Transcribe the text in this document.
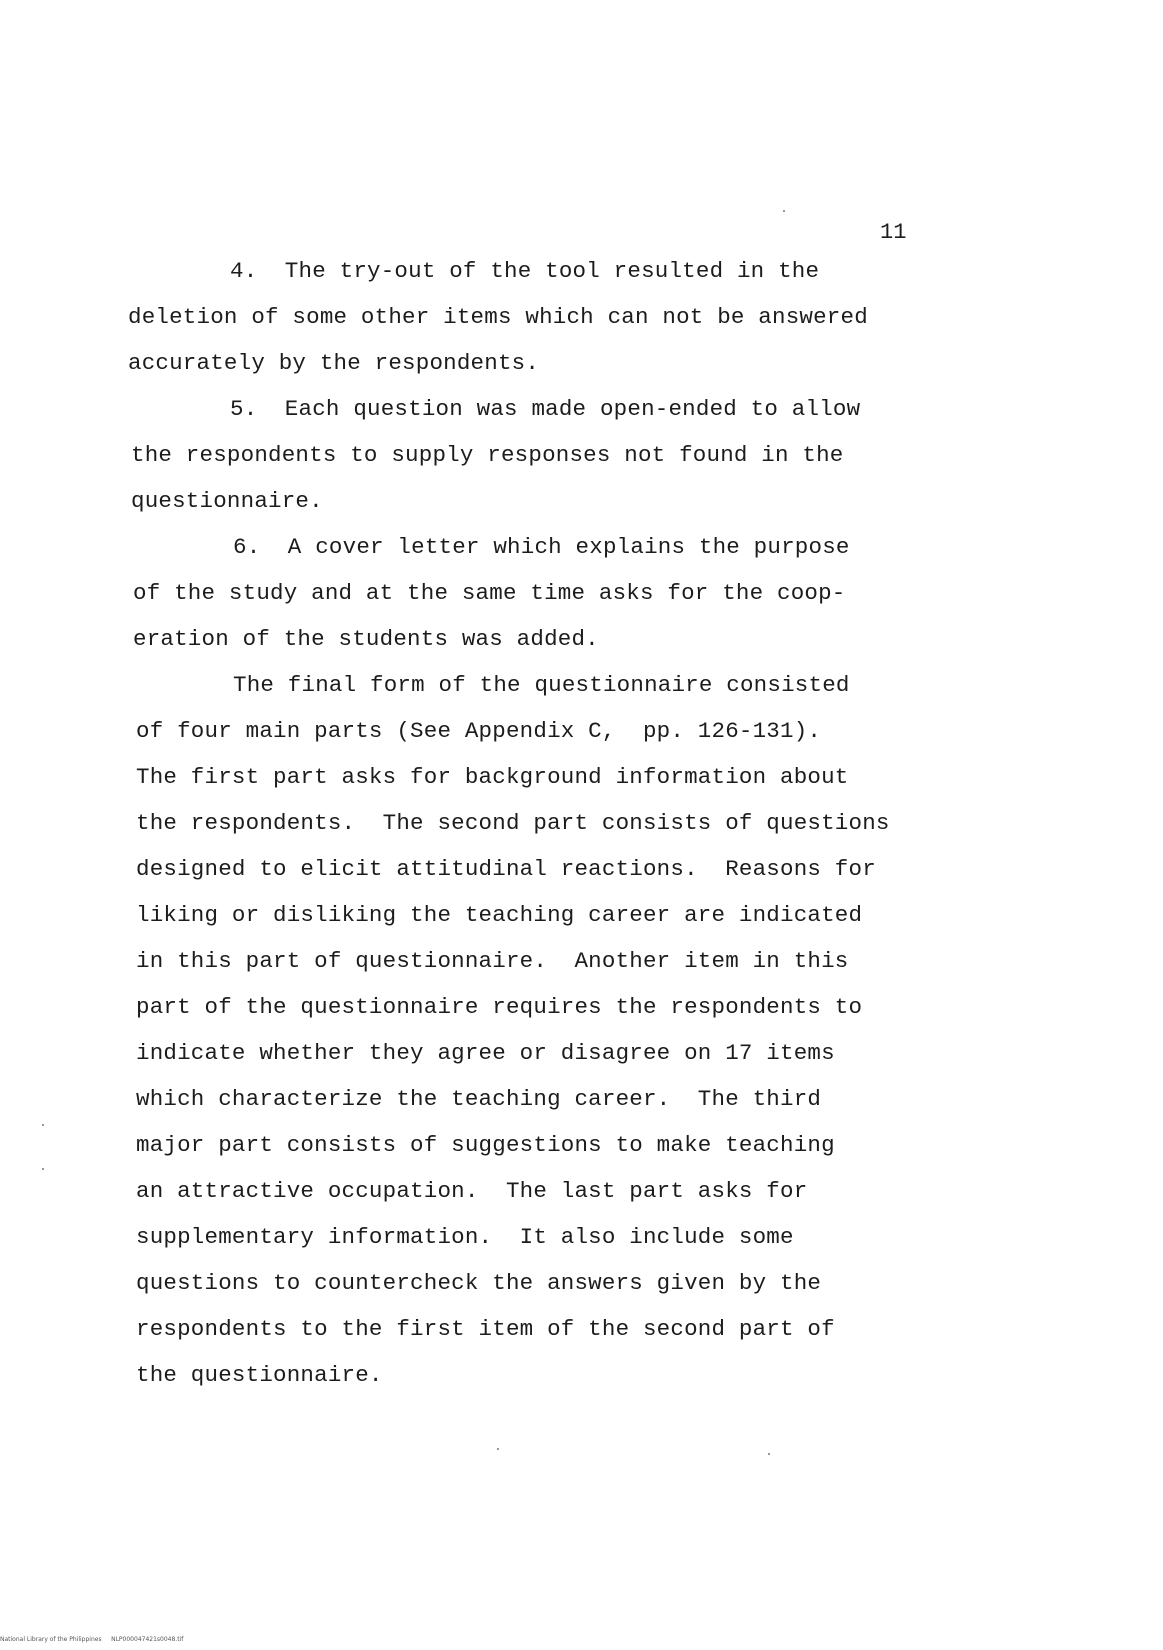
11
4.  The try-out of the tool resulted in the
deletion of some other items which can not be answered
accurately by the respondents.
5.  Each question was made open-ended to allow
the respondents to supply responses not found in the
questionnaire.
6.  A cover letter which explains the purpose
of the study and at the same time asks for the coop-
eration of the students was added.
The final form of the questionnaire consisted
of four main parts (See Appendix C,  pp. 126-131).
The first part asks for background information about
the respondents.  The second part consists of questions
designed to elicit attitudinal reactions.  Reasons for
liking or disliking the teaching career are indicated
in this part of questionnaire.  Another item in this
part of the questionnaire requires the respondents to
indicate whether they agree or disagree on 17 items
which characterize the teaching career.  The third
major part consists of suggestions to make teaching
an attractive occupation.  The last part asks for
supplementary information.  It also include some
questions to countercheck the answers given by the
respondents to the first item of the second part of
the questionnaire.
National Library of the Philippines     NLP000047421s0048.tif
